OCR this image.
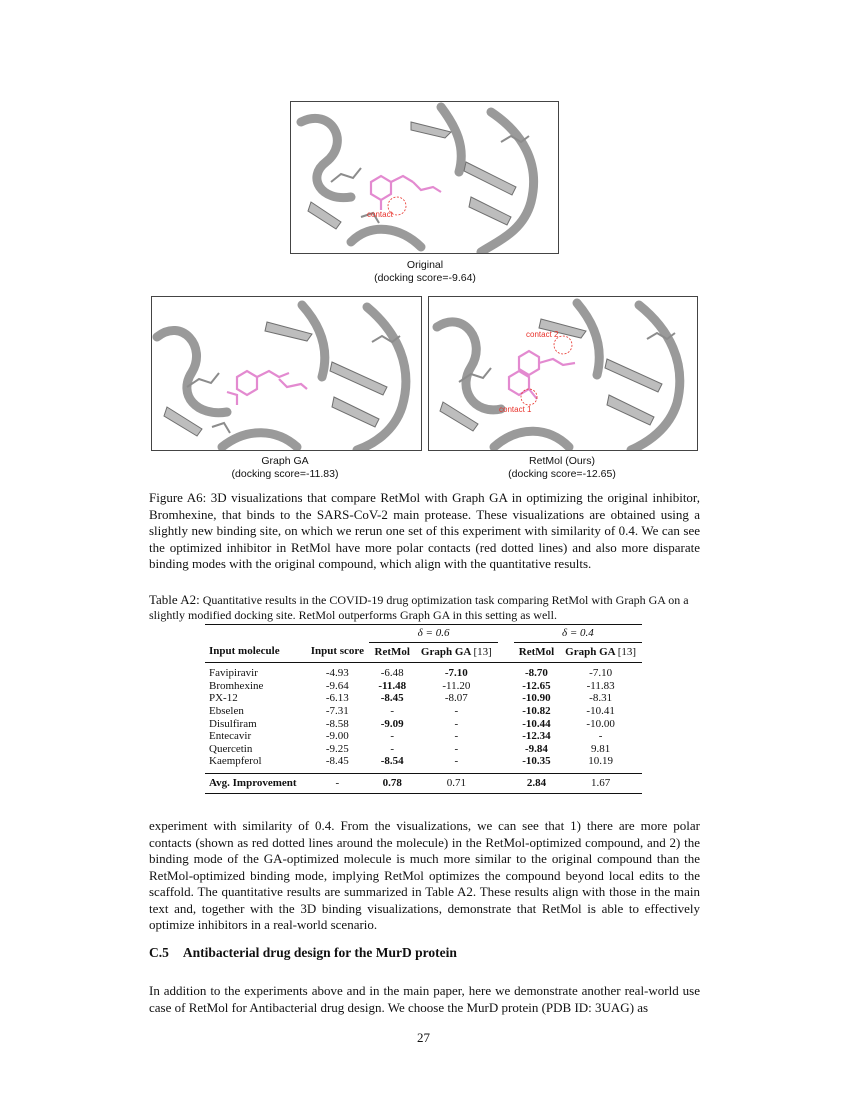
contact
Original
(docking score=-9.64)
Graph GA
(docking score=-11.83)
contact 2
contact 1
RetMol (Ours)
(docking score=-12.65)
Figure A6: 3D visualizations that compare RetMol with Graph GA in optimizing the original inhibitor, Bromhexine, that binds to the SARS-CoV-2 main protease. These visualizations are obtained using a slightly new binding site, on which we rerun one set of this experiment with similarity of 0.4. We can see the optimized inhibitor in RetMol have more polar contacts (red dotted lines) and also more disparate binding modes with the original compound, which align with the quantitative results.
Table A2: Quantitative results in the COVID-19 drug optimization task comparing RetMol with Graph GA on a slightly modified docking site. RetMol outperforms Graph GA in this setting as well.
		δ = 0.6			δ = 0.4	
Input molecule	Input score	RetMol	Graph GA [13]		RetMol	Graph GA [13]
Favipiravir	-4.93	-6.48	-7.10		-8.70	-7.10
Bromhexine	-9.64	-11.48	-11.20		-12.65	-11.83
PX-12	-6.13	-8.45	-8.07		-10.90	-8.31
Ebselen	-7.31	-	-		-10.82	-10.41
Disulfiram	-8.58	-9.09	-		-10.44	-10.00
Entecavir	-9.00	-	-		-12.34	-
Quercetin	-9.25	-	-		-9.84	9.81
Kaempferol	-8.45	-8.54	-		-10.35	10.19
Avg. Improvement	-	0.78	0.71		2.84	1.67
experiment with similarity of 0.4. From the visualizations, we can see that 1) there are more polar contacts (shown as red dotted lines around the molecule) in the RetMol-optimized compound, and 2) the binding mode of the GA-optimized molecule is much more similar to the original compound than the RetMol-optimized binding mode, implying RetMol optimizes the compound beyond local edits to the scaffold. The quantitative results are summarized in Table A2. These results align with those in the main text and, together with the 3D binding visualizations, demonstrate that RetMol is able to effectively optimize inhibitors in a real-world scenario.
C.5 Antibacterial drug design for the MurD protein
In addition to the experiments above and in the main paper, here we demonstrate another real-world use case of RetMol for Antibacterial drug design. We choose the MurD protein (PDB ID: 3UAG) as
27
